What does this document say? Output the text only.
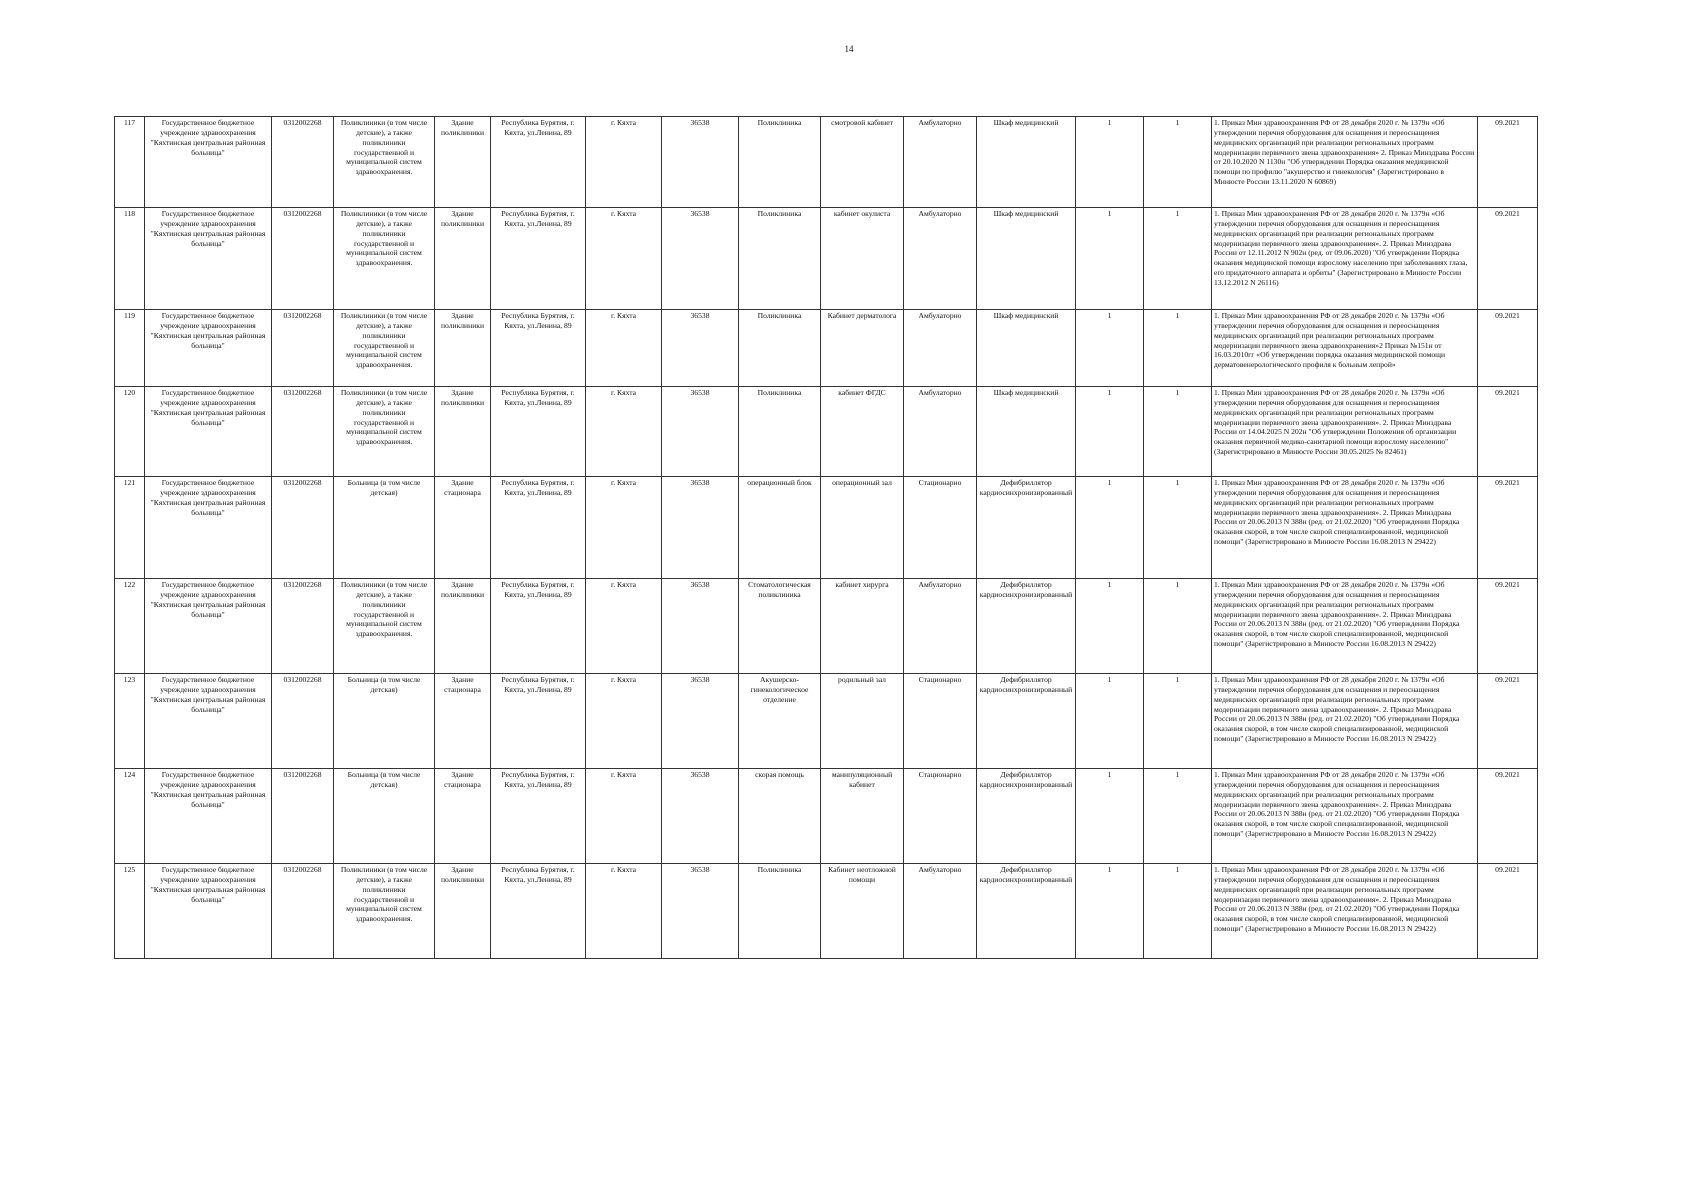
14
117	Государственное бюджетное учреждение здравоохранения "Кяхтинская центральная районная больница"	0312002268	Поликлиники (в том числе детские), а также поликлиники государственной и муниципальной систем здравоохранения.	Здание поликлиники	Республика Бурятия, г. Кяхта, ул.Ленина, 89	г. Кяхта	36538	Поликлиника	смотровой кабинет	Амбулаторно	Шкаф медицинский	1	1	1. Приказ Мин здравоохранения РФ от 28 декабря 2020 г. № 1379н «Об утверждении перечня оборудования для оснащения и переоснащения медицинских организаций при реализации региональных программ модернизации первичного звена здравоохранения» 2. Приказ Минздрава России от 20.10.2020 N 1130н "Об утверждении Порядка оказания медицинской помощи по профилю "акушерство и гинекология" (Зарегистрировано в Минюсте России 13.11.2020 N 60869)	09.2021
118	Государственное бюджетное учреждение здравоохранения "Кяхтинская центральная районная больница"	0312002268	Поликлиники (в том числе детские), а также поликлиники государственной и муниципальной систем здравоохранения.	Здание поликлиники	Республика Бурятия, г. Кяхта, ул.Ленина, 89	г. Кяхта	36538	Поликлиника	кабинет окулиста	Амбулаторно	Шкаф медицинский	1	1	1. Приказ Мин здравоохранения РФ от 28 декабря 2020 г. № 1379н «Об утверждении перечня оборудования для оснащения и переоснащения медицинских организаций при реализации региональных программ модернизации первичного звена здравоохранения». 2. Приказ Минздрава России от 12.11.2012 N 902н (ред. от 09.06.2020) "Об утверждении Порядка оказания медицинской помощи взрослому населению при заболеваниях глаза, его придаточного аппарата и орбиты" (Зарегистрировано в Минюсте России 13.12.2012 N 26116)	09.2021
119	Государственное бюджетное учреждение здравоохранения "Кяхтинская центральная районная больница"	0312002268	Поликлиники (в том числе детские), а также поликлиники государственной и муниципальной систем здравоохранения.	Здание поликлиники	Республика Бурятия, г. Кяхта, ул.Ленина, 89	г. Кяхта	36538	Поликлиника	Кабинет дерматолога	Амбулаторно	Шкаф медицинский	1	1	1. Приказ Мин здравоохранения РФ от 28 декабря 2020 г. № 1379н «Об утверждении перечня оборудования для оснащения и переоснащения медицинских организаций при реализации региональных программ модернизации первичного звена здравоохранения»2 Приказ №151н от 16.03.2010гг «Об утверждении порядка оказания медицинской помощи дерматовенерологического профиля к больным лепрой»	09.2021
120	Государственное бюджетное учреждение здравоохранения "Кяхтинская центральная районная больница"	0312002268	Поликлиники (в том числе детские), а также поликлиники государственной и муниципальной систем здравоохранения.	Здание поликлиники	Республика Бурятия, г. Кяхта, ул.Ленина, 89	г. Кяхта	36538	Поликлиника	кабинет ФГДС	Амбулаторно	Шкаф медицинский	1	1	1. Приказ Мин здравоохранения РФ от 28 декабря 2020 г. № 1379н «Об утверждении перечня оборудования для оснащения и переоснащения медицинских организаций при реализации региональных программ модернизации первичного звена здравоохранения». 2. Приказ Минздрава России от 14.04.2025 N 202н "Об утверждении Положения об организации оказания первичной медико-санитарной помощи взрослому населению" (Зарегистрировано в Минюсте России 30.05.2025 № 82461)	09.2021
121	Государственное бюджетное учреждение здравоохранения "Кяхтинская центральная районная больница"	0312002268	Больница (в том числе детская)	Здание стационара	Республика Бурятия, г. Кяхта, ул.Ленина, 89	г. Кяхта	36538	операционный блок	операционный зал	Стационарно	Дефибриллятор кардиосинхронизированный	1	1	1. Приказ Мин здравоохранения РФ от 28 декабря 2020 г. № 1379н «Об утверждении перечня оборудования для оснащения и переоснащения медицинских организаций при реализации региональных программ модернизации первичного звена здравоохранения». 2. Приказ Минздрава России от 20.06.2013 N 388н (ред. от 21.02.2020) "Об утверждении Порядка оказания скорой, в том числе скорой специализированной, медицинской помощи" (Зарегистрировано в Минюсте России 16.08.2013 N 29422)	09.2021
122	Государственное бюджетное учреждение здравоохранения "Кяхтинская центральная районная больница"	0312002268	Поликлиники (в том числе детские), а также поликлиники государственной и муниципальной систем здравоохранения.	Здание поликлиники	Республика Бурятия, г. Кяхта, ул.Ленина, 89	г. Кяхта	36538	Стоматологическая поликлиника	кабинет хирурга	Амбулаторно	Дефибриллятор кардиосинхронизированный	1	1	1. Приказ Мин здравоохранения РФ от 28 декабря 2020 г. № 1379н «Об утверждении перечня оборудования для оснащения и переоснащения медицинских организаций при реализации региональных программ модернизации первичного звена здравоохранения». 2. Приказ Минздрава России от 20.06.2013 N 388н (ред. от 21.02.2020) "Об утверждении Порядка оказания скорой, в том числе скорой специализированной, медицинской помощи" (Зарегистрировано в Минюсте России 16.08.2013 N 29422)	09.2021
123	Государственное бюджетное учреждение здравоохранения "Кяхтинская центральная районная больница"	0312002268	Больница (в том числе детская)	Здание стационара	Республика Бурятия, г. Кяхта, ул.Ленина, 89	г. Кяхта	36538	Акушерско-гинекологическое отделение	родильный зал	Стационарно	Дефибриллятор кардиосинхронизированный	1	1	1. Приказ Мин здравоохранения РФ от 28 декабря 2020 г. № 1379н «Об утверждении перечня оборудования для оснащения и переоснащения медицинских организаций при реализации региональных программ модернизации первичного звена здравоохранения». 2. Приказ Минздрава России от 20.06.2013 N 388н (ред. от 21.02.2020) "Об утверждении Порядка оказания скорой, в том числе скорой специализированной, медицинской помощи" (Зарегистрировано в Минюсте России 16.08.2013 N 29422)	09.2021
124	Государственное бюджетное учреждение здравоохранения "Кяхтинская центральная районная больница"	0312002268	Больница (в том числе детская)	Здание стационара	Республика Бурятия, г. Кяхта, ул.Ленина, 89	г. Кяхта	36538	скорая помощь	манипуляционный кабинет	Стационарно	Дефибриллятор кардиосинхронизированный	1	1	1. Приказ Мин здравоохранения РФ от 28 декабря 2020 г. № 1379н «Об утверждении перечня оборудования для оснащения и переоснащения медицинских организаций при реализации региональных программ модернизации первичного звена здравоохранения». 2. Приказ Минздрава России от 20.06.2013 N 388н (ред. от 21.02.2020) "Об утверждении Порядка оказания скорой, в том числе скорой специализированной, медицинской помощи" (Зарегистрировано в Минюсте России 16.08.2013 N 29422)	09.2021
125	Государственное бюджетное учреждение здравоохранения "Кяхтинская центральная районная больница"	0312002268	Поликлиники (в том числе детские), а также поликлиники государственной и муниципальной систем здравоохранения.	Здание поликлиники	Республика Бурятия, г. Кяхта, ул.Ленина, 89	г. Кяхта	36538	Поликлиника	Кабинет неотложной помощи	Амбулаторно	Дефибриллятор кардиосинхронизированный	1	1	1. Приказ Мин здравоохранения РФ от 28 декабря 2020 г. № 1379н «Об утверждении перечня оборудования для оснащения и переоснащения медицинских организаций при реализации региональных программ модернизации первичного звена здравоохранения». 2. Приказ Минздрава России от 20.06.2013 N 388н (ред. от 21.02.2020) "Об утверждении Порядка оказания скорой, в том числе скорой специализированной, медицинской помощи" (Зарегистрировано в Минюсте России 16.08.2013 N 29422)	09.2021
